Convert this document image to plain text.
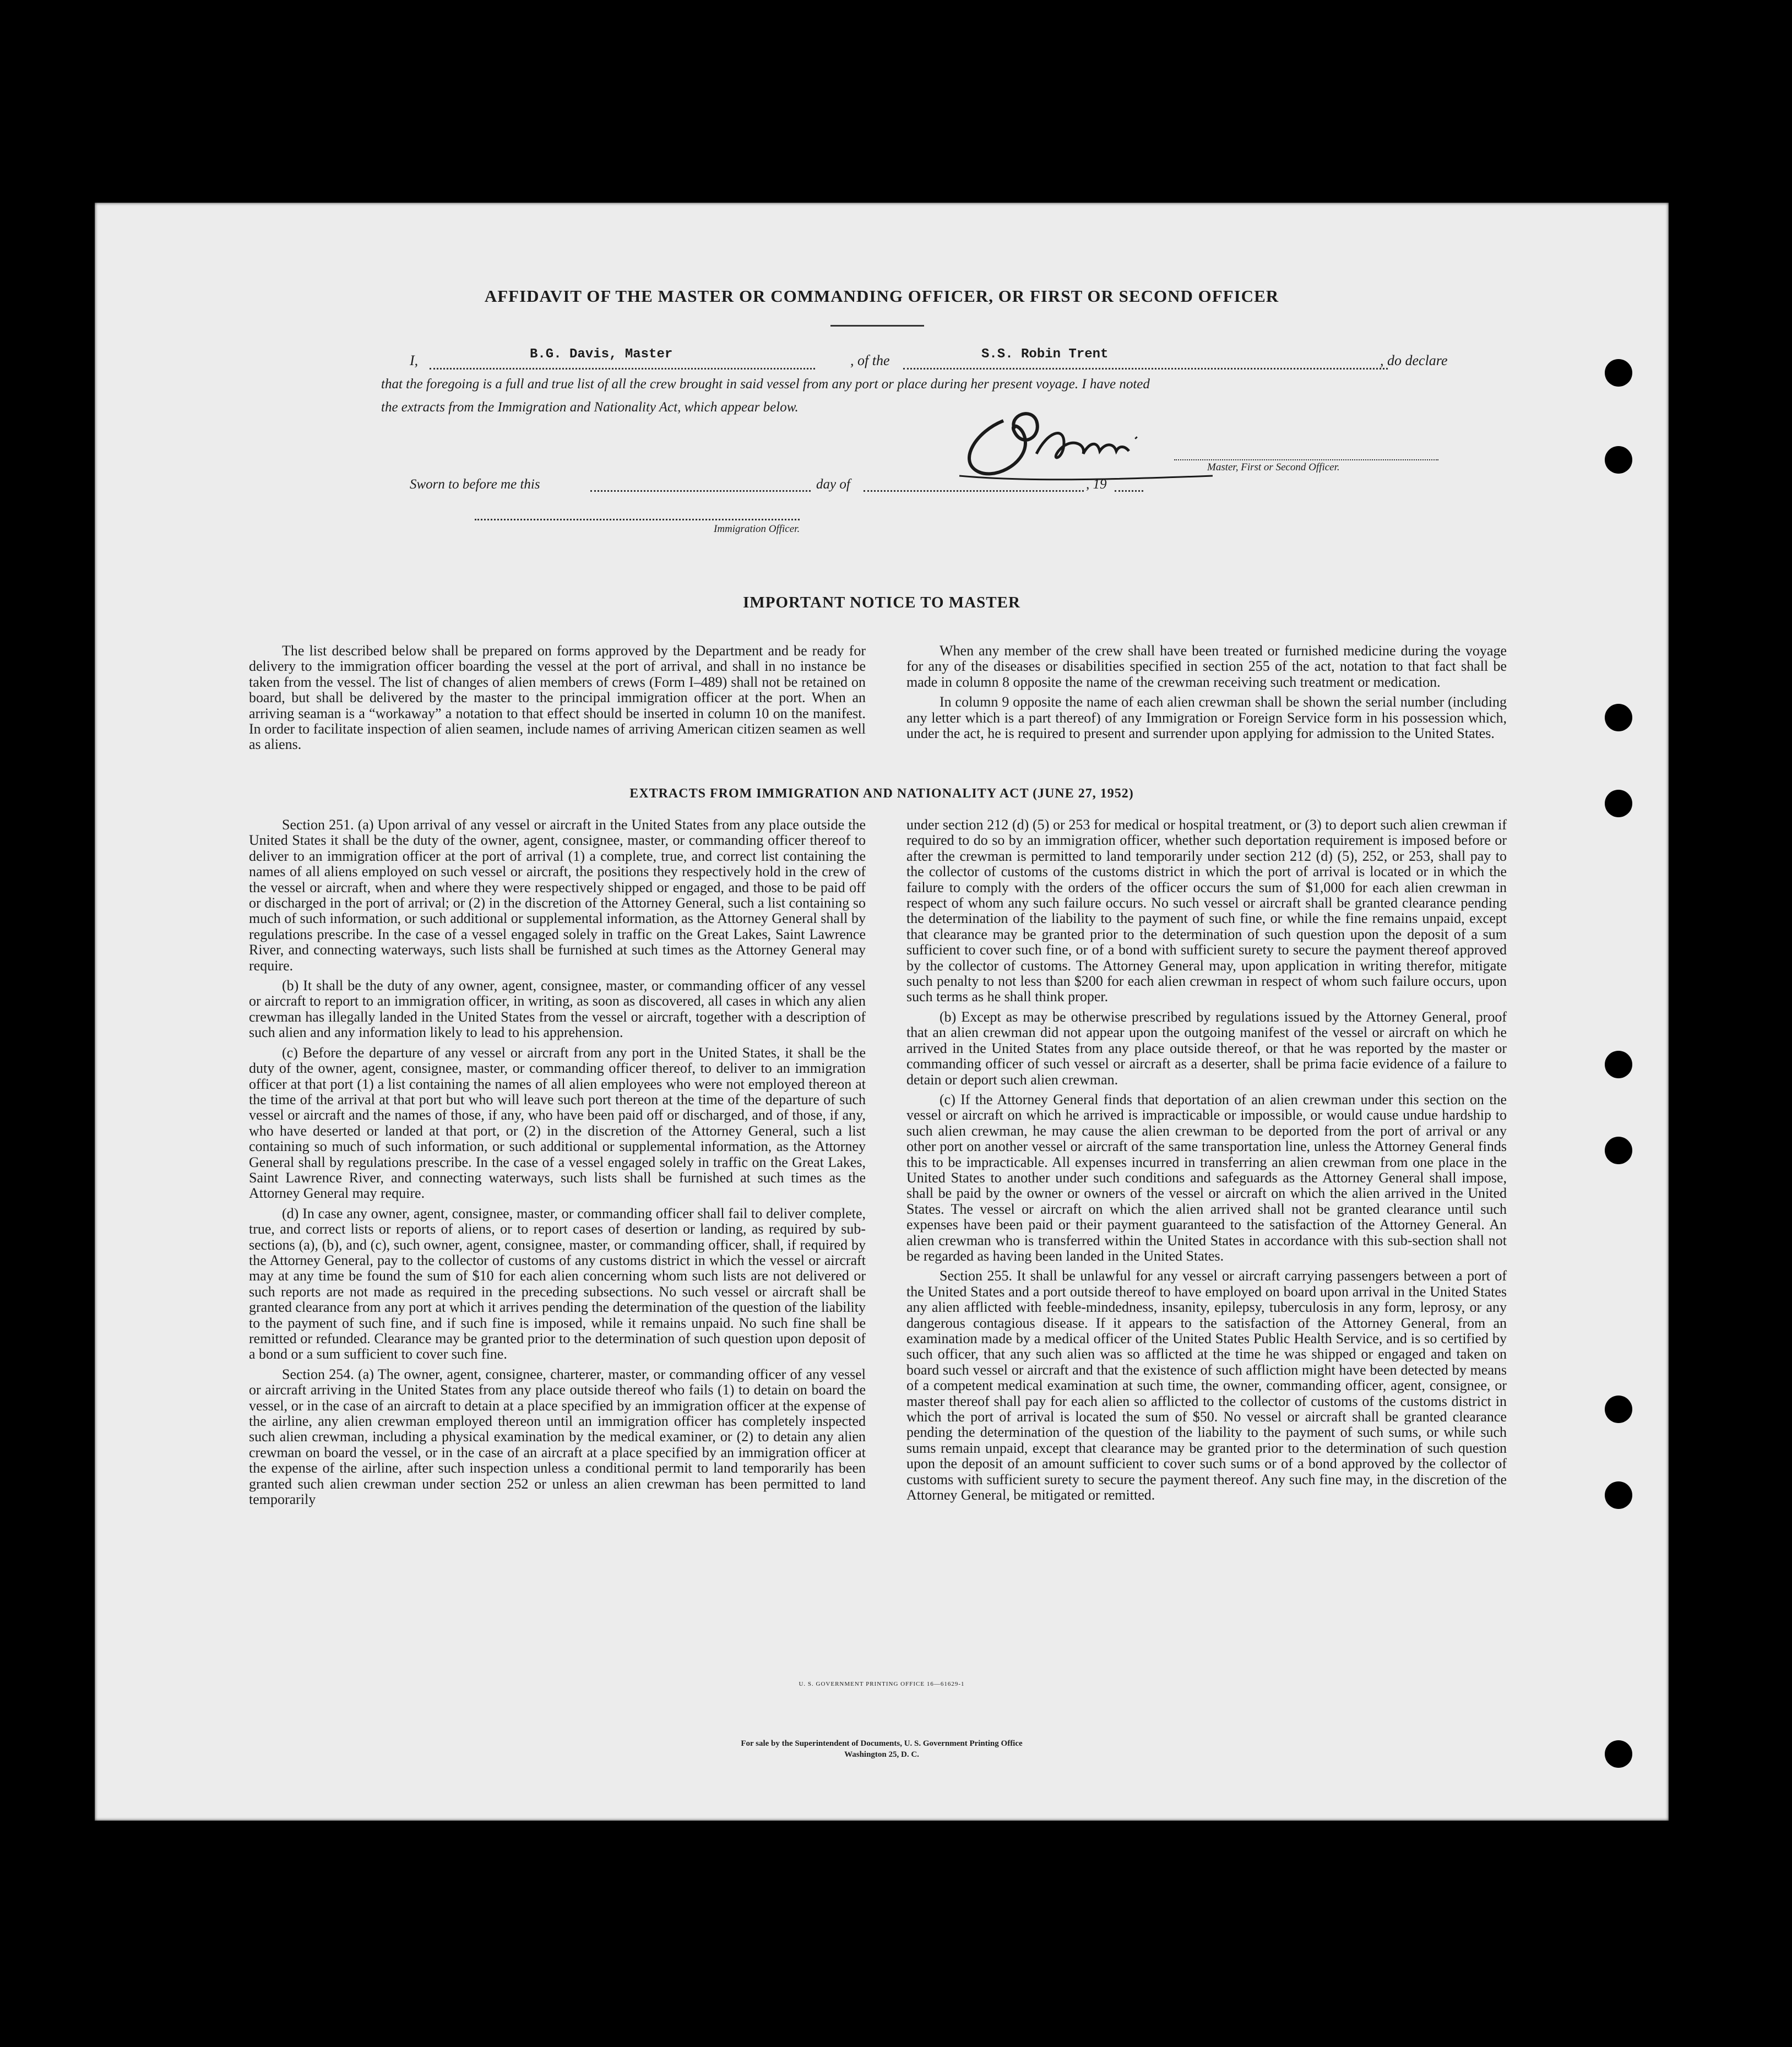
AFFIDAVIT OF THE MASTER OR COMMANDING OFFICER, OR FIRST OR SECOND OFFICER
I,	B.G. Davis, Master	, of the	S.S. Robin Trent	, do declare
that the foregoing is a full and true list of all the crew brought in said vessel from any port or place during her present voyage. I have noted
the extracts from the Immigration and Nationality Act, which appear below.
Master, First or Second Officer.
Sworn to before me this	day of	, 19
Immigration Officer.
IMPORTANT NOTICE TO MASTER

The list described below shall be prepared on forms approved by the Department and be ready for delivery to the immigration officer boarding the vessel at the port of arrival, and shall in no instance be taken from the vessel. The list of changes of alien members of crews (Form I–489) shall not be retained on board, but shall be delivered by the master to the principal immigration officer at the port. When an arriving seaman is a “workaway” a notation to that effect should be inserted in column 10 on the manifest. In order to facilitate inspection of alien seamen, include names of arriving American citizen seamen as well as aliens.

When any member of the crew shall have been treated or furnished medicine during the voyage for any of the diseases or disabilities specified in section 255 of the act, notation to that fact shall be made in column 8 opposite the name of the crewman receiving such treatment or medication.

In column 9 opposite the name of each alien crewman shall be shown the serial number (including any letter which is a part thereof) of any Immigration or Foreign Service form in his possession which, under the act, he is required to present and surrender upon applying for admission to the United States.

EXTRACTS FROM IMMIGRATION AND NATIONALITY ACT (JUNE 27, 1952)

Section 251. (a) Upon arrival of any vessel or aircraft in the United States from any place outside the United States it shall be the duty of the owner, agent, consignee, master, or commanding officer thereof to deliver to an immigration officer at the port of arrival (1) a complete, true, and correct list containing the names of all aliens employed on such vessel or aircraft, the positions they respectively hold in the crew of the vessel or aircraft, when and where they were respectively shipped or engaged, and those to be paid off or discharged in the port of arrival; or (2) in the discretion of the Attorney General, such a list containing so much of such information, or such additional or supplemental information, as the Attorney General shall by regulations prescribe. In the case of a vessel engaged solely in traffic on the Great Lakes, Saint Lawrence River, and connecting waterways, such lists shall be furnished at such times as the Attorney General may require.

(b) It shall be the duty of any owner, agent, consignee, master, or commanding officer of any vessel or aircraft to report to an immigration officer, in writing, as soon as discovered, all cases in which any alien crewman has illegally landed in the United States from the vessel or aircraft, together with a description of such alien and any information likely to lead to his apprehension.

(c) Before the departure of any vessel or aircraft from any port in the United States, it shall be the duty of the owner, agent, consignee, master, or commanding officer thereof, to deliver to an immigration officer at that port (1) a list containing the names of all alien employees who were not employed thereon at the time of the arrival at that port but who will leave such port thereon at the time of the departure of such vessel or aircraft and the names of those, if any, who have been paid off or discharged, and of those, if any, who have deserted or landed at that port, or (2) in the discretion of the Attorney General, such a list containing so much of such information, or such additional or supplemental information, as the Attorney General shall by regulations prescribe. In the case of a vessel engaged solely in traffic on the Great Lakes, Saint Lawrence River, and connecting waterways, such lists shall be furnished at such times as the Attorney General may require.

(d) In case any owner, agent, consignee, master, or commanding officer shall fail to deliver complete, true, and correct lists or reports of aliens, or to report cases of desertion or landing, as required by sub-sections (a), (b), and (c), such owner, agent, consignee, master, or commanding officer, shall, if required by the Attorney General, pay to the collector of customs of any customs district in which the vessel or aircraft may at any time be found the sum of $10 for each alien concerning whom such lists are not delivered or such reports are not made as required in the preceding subsections. No such vessel or aircraft shall be granted clearance from any port at which it arrives pending the determination of the question of the liability to the payment of such fine, and if such fine is imposed, while it remains unpaid. No such fine shall be remitted or refunded. Clearance may be granted prior to the determination of such question upon deposit of a bond or a sum sufficient to cover such fine.

Section 254. (a) The owner, agent, consignee, charterer, master, or commanding officer of any vessel or aircraft arriving in the United States from any place outside thereof who fails (1) to detain on board the vessel, or in the case of an aircraft to detain at a place specified by an immigration officer at the expense of the airline, any alien crewman employed thereon until an immigration officer has completely inspected such alien crewman, including a physical examination by the medical examiner, or (2) to detain any alien crewman on board the vessel, or in the case of an aircraft at a place specified by an immigration officer at the expense of the airline, after such inspection unless a conditional permit to land temporarily has been granted such alien crewman under section 252 or unless an alien crewman has been permitted to land temporarily

under section 212 (d) (5) or 253 for medical or hospital treatment, or (3) to deport such alien crewman if required to do so by an immigration officer, whether such deportation requirement is imposed before or after the crewman is permitted to land temporarily under section 212 (d) (5), 252, or 253, shall pay to the collector of customs of the customs district in which the port of arrival is located or in which the failure to comply with the orders of the officer occurs the sum of $1,000 for each alien crewman in respect of whom any such failure occurs. No such vessel or aircraft shall be granted clearance pending the determination of the liability to the payment of such fine, or while the fine remains unpaid, except that clearance may be granted prior to the determination of such question upon the deposit of a sum sufficient to cover such fine, or of a bond with sufficient surety to secure the payment thereof approved by the collector of customs. The Attorney General may, upon application in writing therefor, mitigate such penalty to not less than $200 for each alien crewman in respect of whom such failure occurs, upon such terms as he shall think proper.

(b) Except as may be otherwise prescribed by regulations issued by the Attorney General, proof that an alien crewman did not appear upon the outgoing manifest of the vessel or aircraft on which he arrived in the United States from any place outside thereof, or that he was reported by the master or commanding officer of such vessel or aircraft as a deserter, shall be prima facie evidence of a failure to detain or deport such alien crewman.

(c) If the Attorney General finds that deportation of an alien crewman under this section on the vessel or aircraft on which he arrived is impracticable or impossible, or would cause undue hardship to such alien crewman, he may cause the alien crewman to be deported from the port of arrival or any other port on another vessel or aircraft of the same transportation line, unless the Attorney General finds this to be impracticable. All expenses incurred in transferring an alien crewman from one place in the United States to another under such conditions and safeguards as the Attorney General shall impose, shall be paid by the owner or owners of the vessel or aircraft on which the alien arrived in the United States. The vessel or aircraft on which the alien arrived shall not be granted clearance until such expenses have been paid or their payment guaranteed to the satisfaction of the Attorney General. An alien crewman who is transferred within the United States in accordance with this sub-section shall not be regarded as having been landed in the United States.

Section 255. It shall be unlawful for any vessel or aircraft carrying passengers between a port of the United States and a port outside thereof to have employed on board upon arrival in the United States any alien afflicted with feeble-mindedness, insanity, epilepsy, tuberculosis in any form, leprosy, or any dangerous contagious disease. If it appears to the satisfaction of the Attorney General, from an examination made by a medical officer of the United States Public Health Service, and is so certified by such officer, that any such alien was so afflicted at the time he was shipped or engaged and taken on board such vessel or aircraft and that the existence of such affliction might have been detected by means of a competent medical examination at such time, the owner, commanding officer, agent, consignee, or master thereof shall pay for each alien so afflicted to the collector of customs of the customs district in which the port of arrival is located the sum of $50. No vessel or aircraft shall be granted clearance pending the determination of the question of the liability to the payment of such sums, or while such sums remain unpaid, except that clearance may be granted prior to the determination of such question upon the deposit of an amount sufficient to cover such sums or of a bond approved by the collector of customs with sufficient surety to secure the payment thereof. Any such fine may, in the discretion of the Attorney General, be mitigated or remitted.

U. S. GOVERNMENT PRINTING OFFICE 16—61629-1
For sale by the Superintendent of Documents, U. S. Government Printing Office
Washington 25, D. C.
